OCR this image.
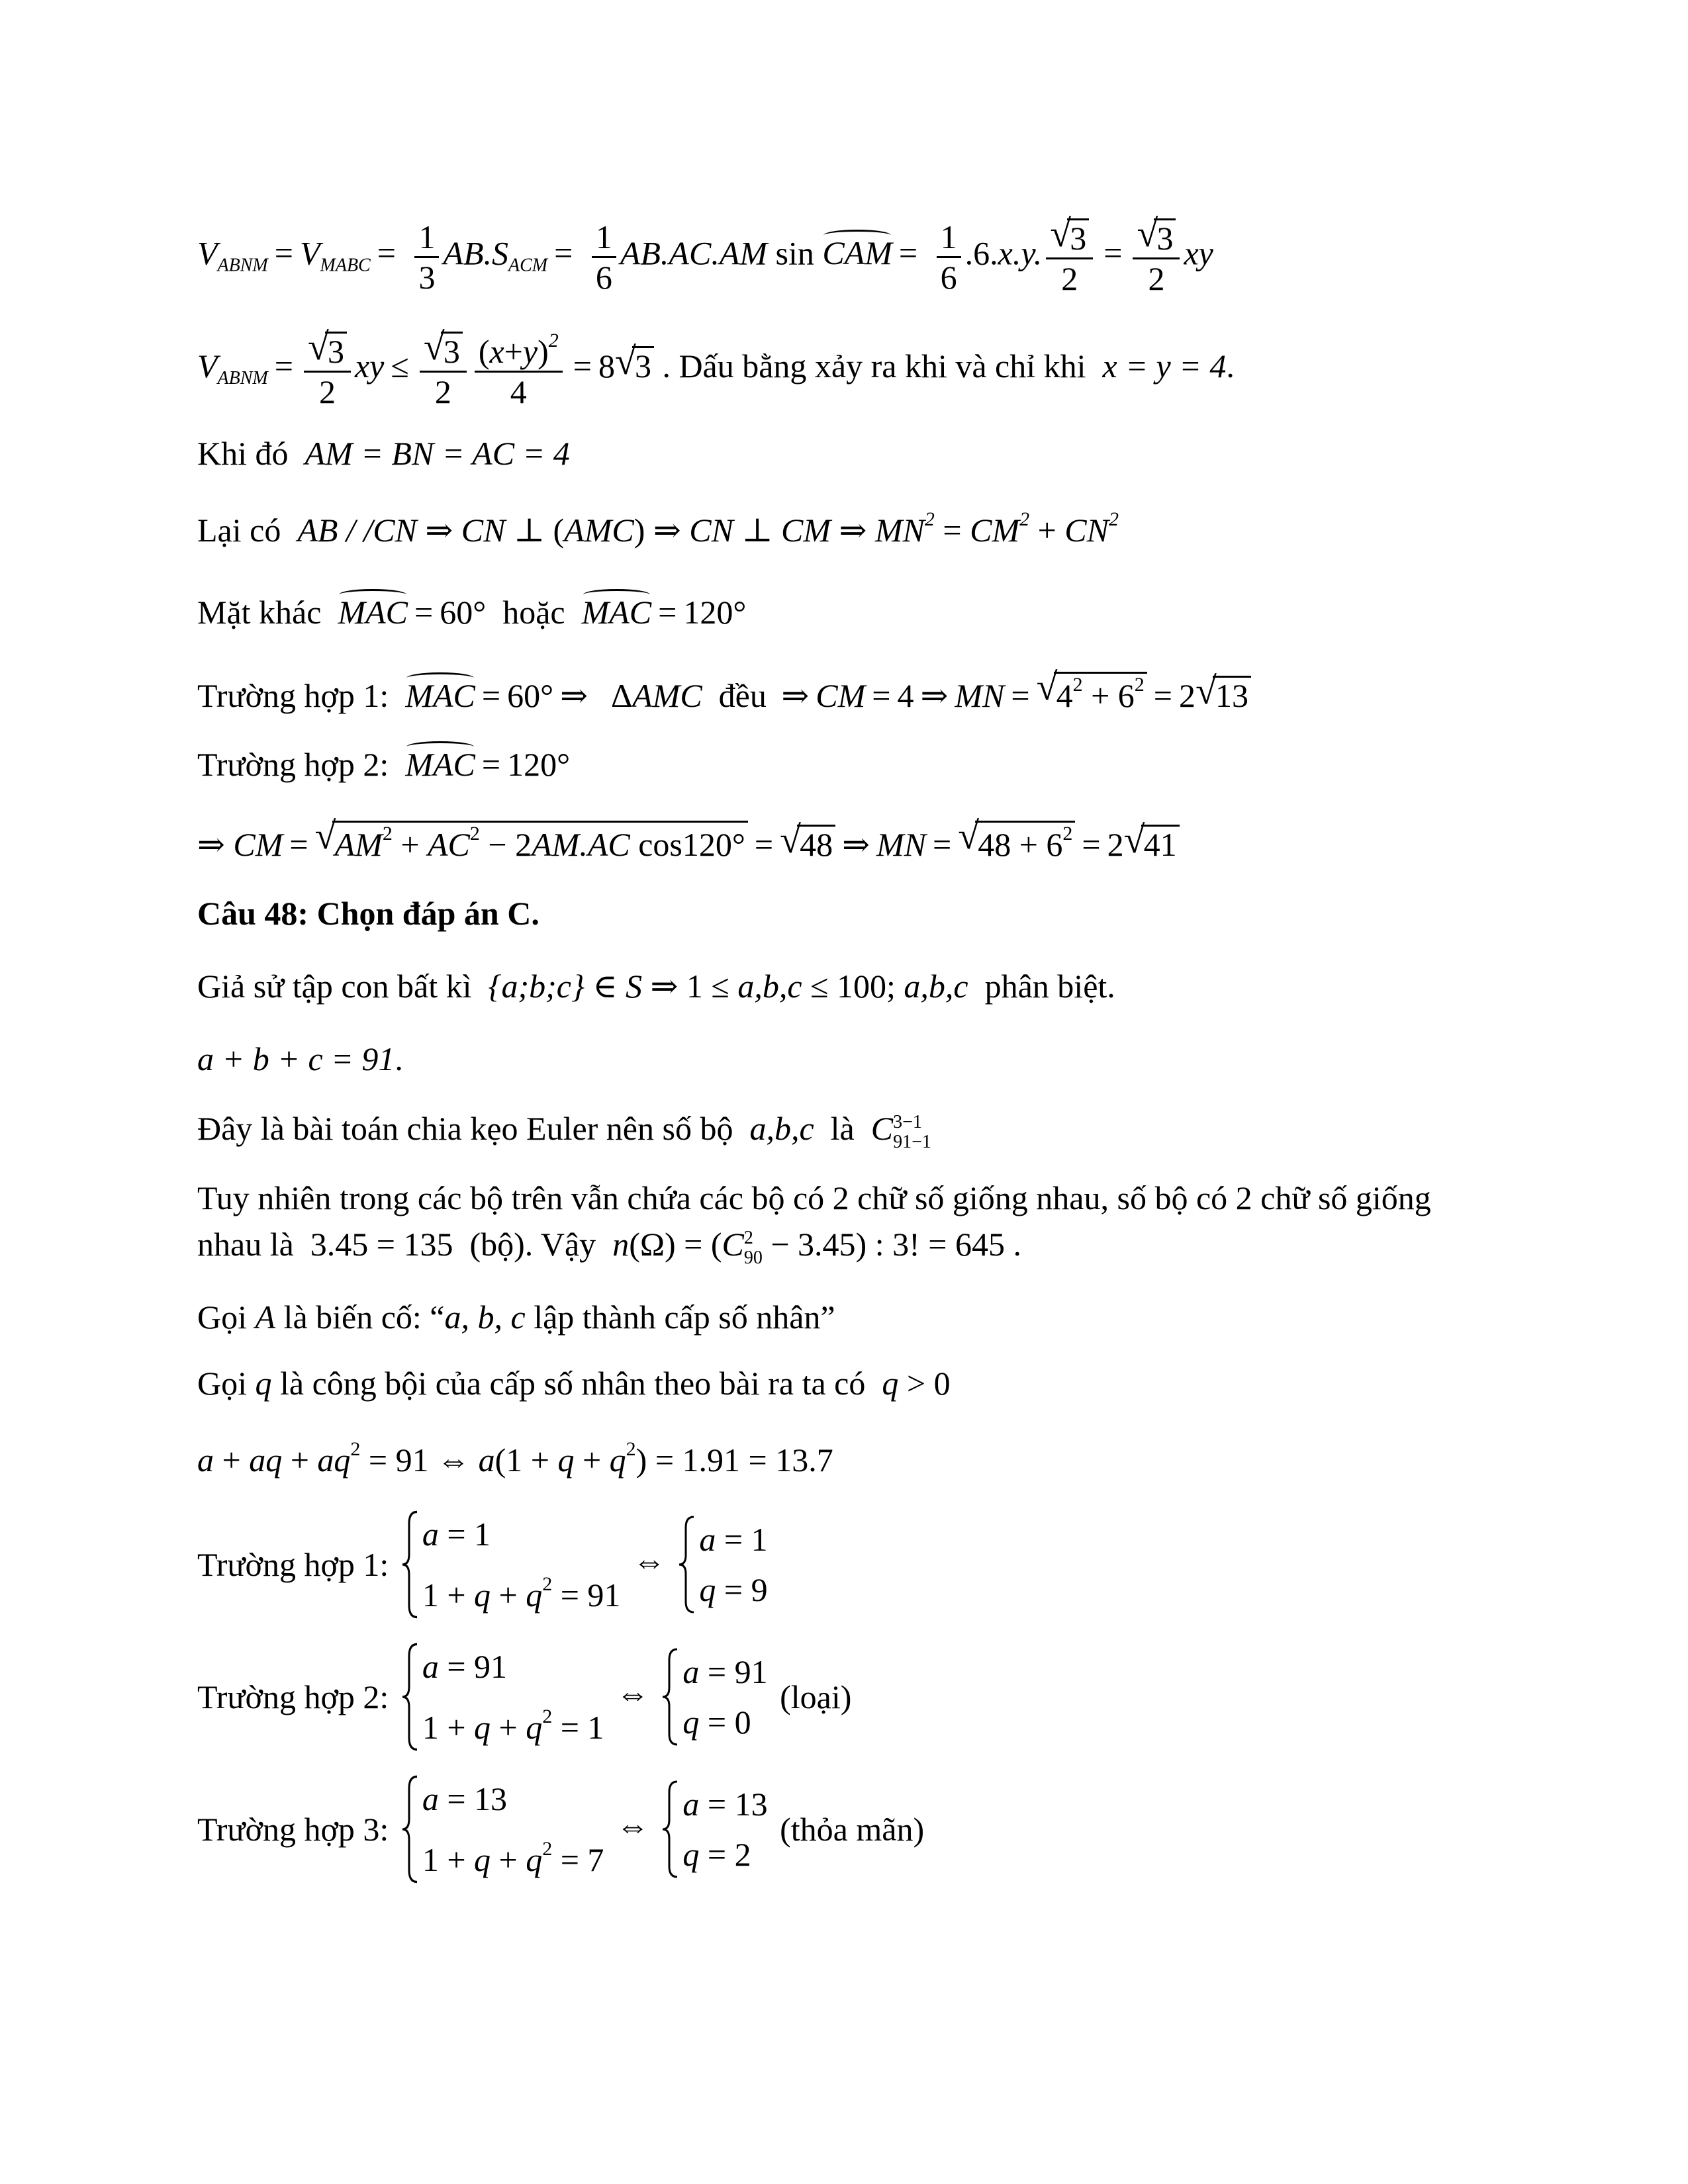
$V_{ABNM} = V_{MABC} = \frac{1}{3} AB.S_{ACM} = \frac{1}{6} AB.AC.AM$ sin CAM = $\frac{1}{6} .6.x.y$. √
3
2 = √
3
2 xy
$V_{ABNM}$ = √
3
2 xy ≤ √
3
$2 \frac{(x+y)^2}{4} = 8$ √
3 . Dấu bằng xảy ra khi và chỉ khi x = y = 4.
Khi đó AM = BN = AC = 4
Lại có AB / /CN ⇒ CN ⊥ (AMC) ⇒ CN ⊥ CM ⇒ $MN^2 = CM^2 + CN^2$
Mặt khác MAC = 60°  hoặc MAC = 120°
Trường hợp 1: MAC = 60° ⇒  ΔAMC đều ⇒ CM = 4 ⇒ MN = √
$4^2 + 6^2 = 2$ √
13
Trường hợp 2: MAC = 120°
⇒ CM = √
$AM^2 + AC^2 - 2AM.AC$ cos120° = √
48 ⇒ MN = √
$48 + 6^2 = 2$ √
41
Câu 48: Chọn đáp án C.
Giả sử tập con bất kì {a;b;c} ∈ S ⇒ 1 ≤ a,b,c ≤ 100; a,b,c phân biệt.
a + b + c = 91.
Đây là bài toán chia kẹo Euler nên số bộ a,b,c là C 3−1
91−1
Tuy nhiên trong các bộ trên vẫn chứa các bộ có 2 chữ số giống nhau, số bộ có 2 chữ số giống
nhau là  3.45 = 135  (bộ). Vậy n(Ω) = (C 2
90 − 3.45) : 3! = 645 .
Gọi A là biến cố: “a, b, c lập thành cấp số nhân”
Gọi q là công bội của cấp số nhân theo bài ra ta có q > 0
a + aq + $aq^2 = 91$ ⇔ $a(1 + q + q^2) = 1.91 = 13.7$
Trường hợp 1:
a = 1
$1 + q + q^2 = 91$
⇔
a = 1
q = 9
Trường hợp 2:
a = 91
$1 + q + q^2 = 1$
⇔
a = 91
q = 0
(loại)
Trường hợp 3:
a = 13
$1 + q + q^2 = 7$
⇔
a = 13
q = 2
(thỏa mãn)
